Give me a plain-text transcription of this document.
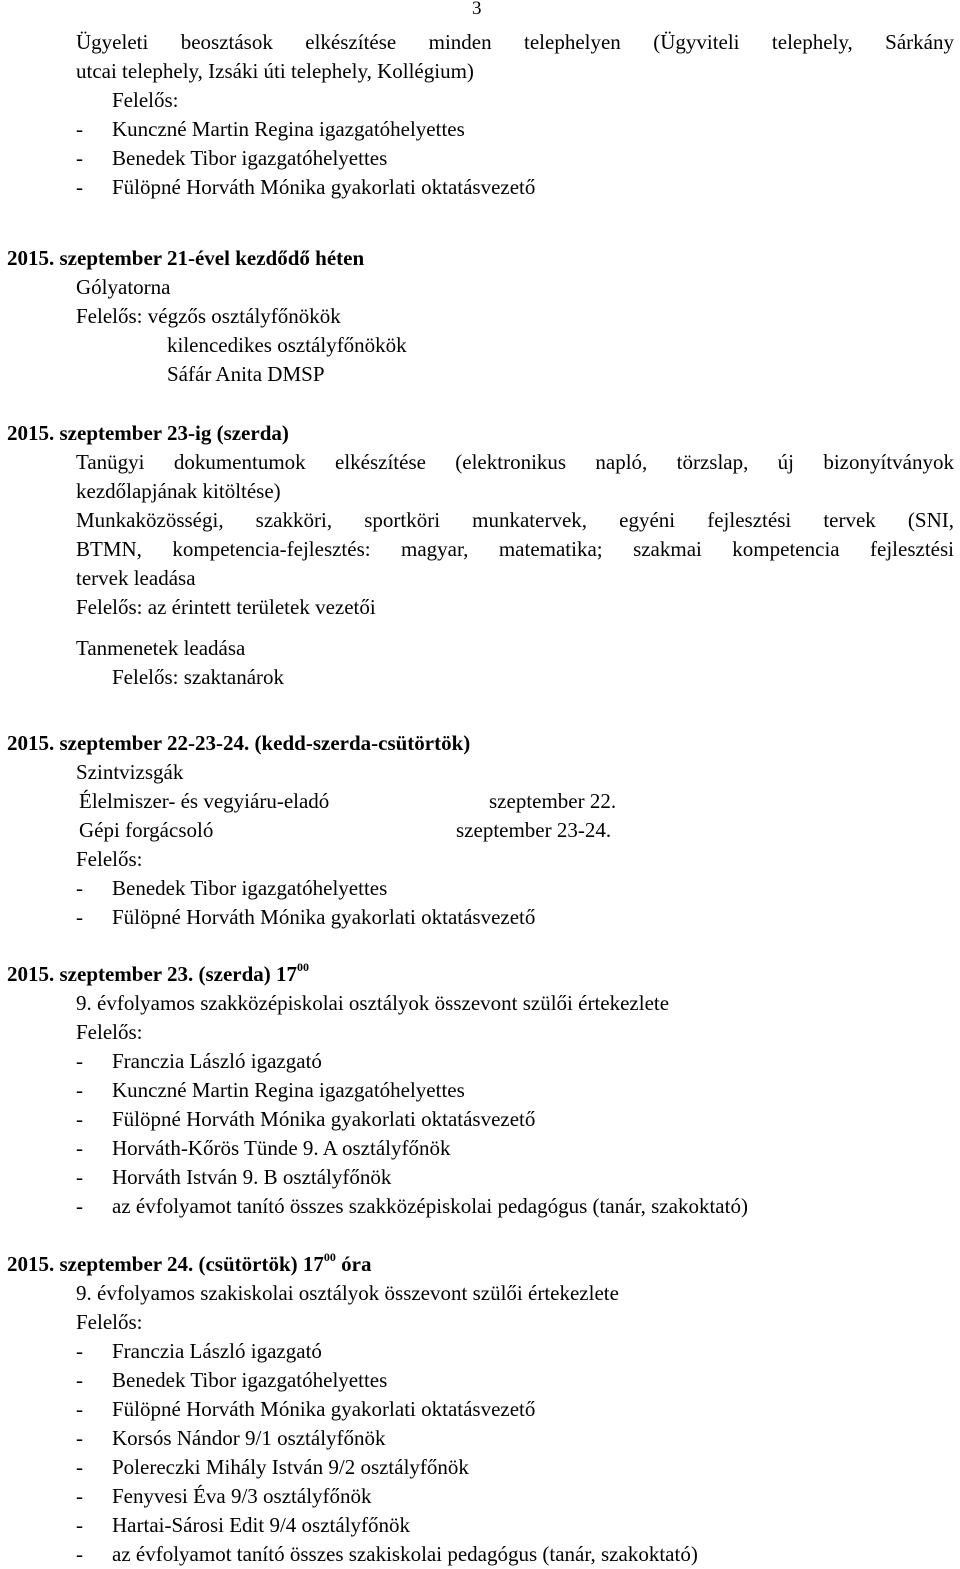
3
Ügyeleti beosztások elkészítése minden telephelyen (Ügyviteli telephely, Sárkány
utcai telephely, Izsáki úti telephely, Kollégium)
Felelős:
- Kunczné Martin Regina igazgatóhelyettes
- Benedek Tibor igazgatóhelyettes
- Fülöpné Horváth Mónika gyakorlati oktatásvezető
2015. szeptember 21-ével kezdődő héten
Gólyatorna
Felelős: végzős osztályfőnökök
kilencedikes osztályfőnökök
Sáfár Anita DMSP
2015. szeptember 23-ig (szerda)
Tanügyi dokumentumok elkészítése (elektronikus napló, törzslap, új bizonyítványok
kezdőlapjának kitöltése)
Munkaközösségi, szakköri, sportköri munkatervek, egyéni fejlesztési tervek (SNI,
BTMN, kompetencia-fejlesztés: magyar, matematika; szakmai kompetencia fejlesztési
tervek leadása
Felelős: az érintett területek vezetői
Tanmenetek leadása
Felelős: szaktanárok
2015. szeptember 22-23-24. (kedd-szerda-csütörtök)
Szintvizsgák
Élelmiszer- és vegyiáru-eladó	szeptember 22.
Gépi forgácsoló	szeptember 23-24.
Felelős:
- Benedek Tibor igazgatóhelyettes
- Fülöpné Horváth Mónika gyakorlati oktatásvezető
2015. szeptember 23. (szerda) $17^{00}$
9. évfolyamos szakközépiskolai osztályok összevont szülői értekezlete
Felelős:
- Franczia László igazgató
- Kunczné Martin Regina igazgatóhelyettes
- Fülöpné Horváth Mónika gyakorlati oktatásvezető
- Horváth-Kőrös Tünde 9. A osztályfőnök
- Horváth István 9. B osztályfőnök
- az évfolyamot tanító összes szakközépiskolai pedagógus (tanár, szakoktató)
2015. szeptember 24. (csütörtök) $17^{00}$ óra
9. évfolyamos szakiskolai osztályok összevont szülői értekezlete
Felelős:
- Franczia László igazgató
- Benedek Tibor igazgatóhelyettes
- Fülöpné Horváth Mónika gyakorlati oktatásvezető
- Korsós Nándor 9/1 osztályfőnök
- Polereczki Mihály István 9/2 osztályfőnök
- Fenyvesi Éva 9/3 osztályfőnök
- Hartai-Sárosi Edit 9/4 osztályfőnök
- az évfolyamot tanító összes szakiskolai pedagógus (tanár, szakoktató)
